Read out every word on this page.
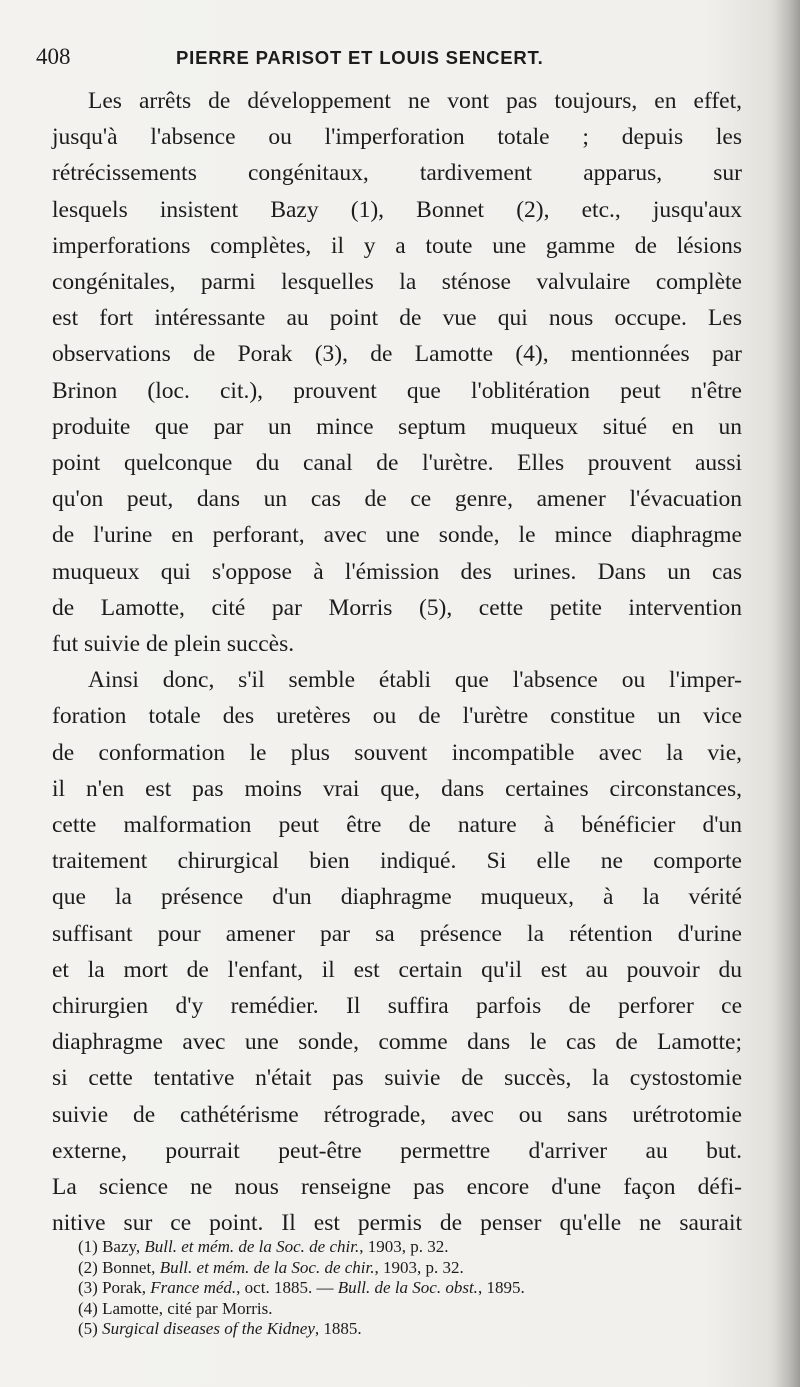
408	PIERRE PARISOT ET LOUIS SENCERT.

Les arrêts de développement ne vont pas toujours, en effet,
jusqu'à l'absence ou l'imperforation totale ; depuis les
rétrécissements congénitaux, tardivement apparus, sur
lesquels insistent Bazy (1), Bonnet (2), etc., jusqu'aux
imperforations complètes, il y a toute une gamme de lésions
congénitales, parmi lesquelles la sténose valvulaire complète
est fort intéressante au point de vue qui nous occupe. Les
observations de Porak (3), de Lamotte (4), mentionnées par
Brinon (loc. cit.), prouvent que l'oblitération peut n'être
produite que par un mince septum muqueux situé en un
point quelconque du canal de l'urètre. Elles prouvent aussi
qu'on peut, dans un cas de ce genre, amener l'évacuation
de l'urine en perforant, avec une sonde, le mince diaphragme
muqueux qui s'oppose à l'émission des urines. Dans un cas
de Lamotte, cité par Morris (5), cette petite intervention
fut suivie de plein succès.

Ainsi donc, s'il semble établi que l'absence ou l'imper-
foration totale des uretères ou de l'urètre constitue un vice
de conformation le plus souvent incompatible avec la vie,
il n'en est pas moins vrai que, dans certaines circonstances,
cette malformation peut être de nature à bénéficier d'un
traitement chirurgical bien indiqué. Si elle ne comporte
que la présence d'un diaphragme muqueux, à la vérité
suffisant pour amener par sa présence la rétention d'urine
et la mort de l'enfant, il est certain qu'il est au pouvoir du
chirurgien d'y remédier. Il suffira parfois de perforer ce
diaphragme avec une sonde, comme dans le cas de Lamotte;
si cette tentative n'était pas suivie de succès, la cystostomie
suivie de cathétérisme rétrograde, avec ou sans urétrotomie
externe, pourrait peut-être permettre d'arriver au but.
La science ne nous renseigne pas encore d'une façon défi-
nitive sur ce point. Il est permis de penser qu'elle ne saurait

(1) Bazy, Bull. et mém. de la Soc. de chir., 1903, p. 32.
(2) Bonnet, Bull. et mém. de la Soc. de chir., 1903, p. 32.
(3) Porak, France méd., oct. 1885. — Bull. de la Soc. obst., 1895.
(4) Lamotte, cité par Morris.
(5) Surgical diseases of the Kidney, 1885.
